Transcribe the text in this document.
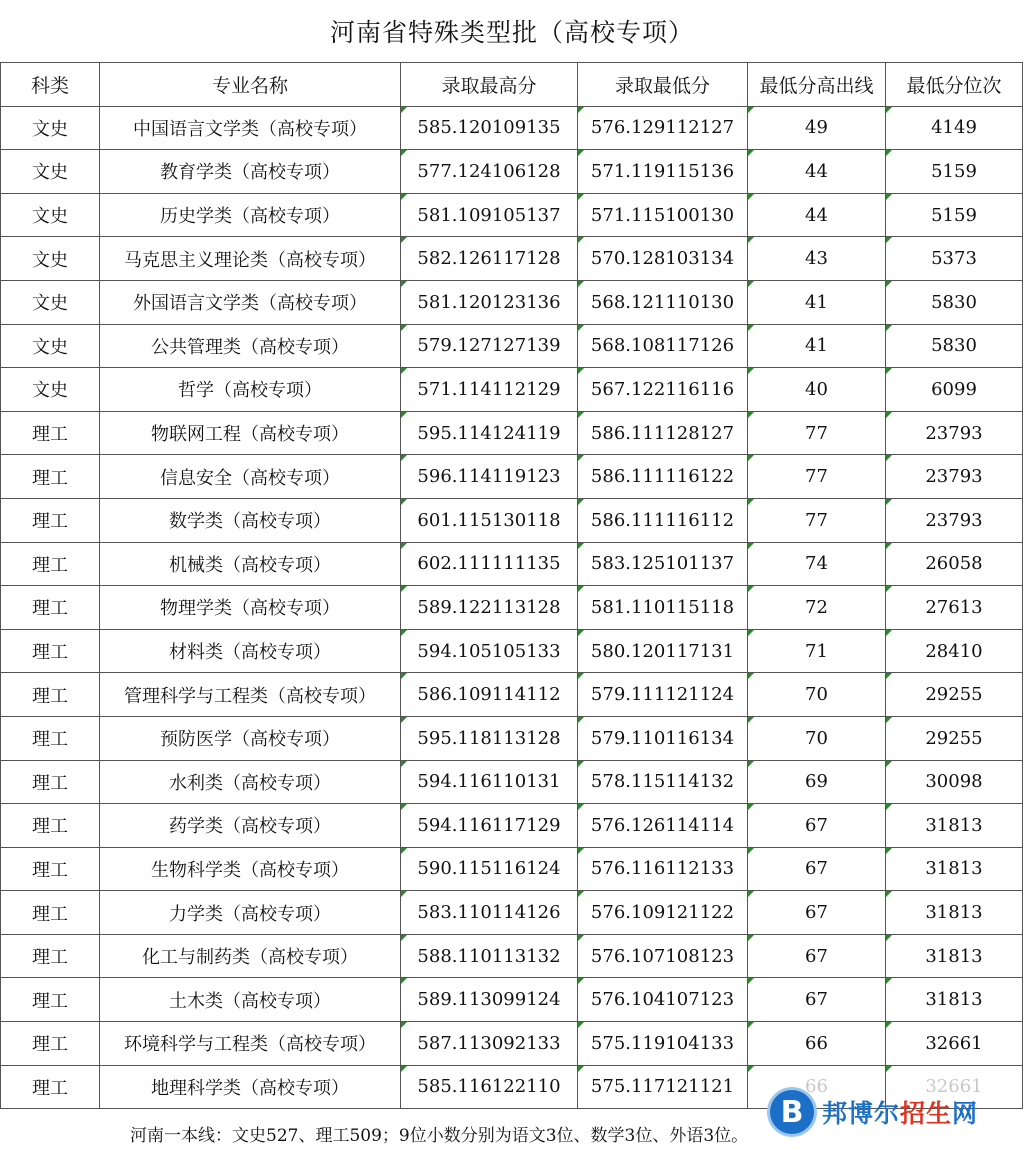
河南省特殊类型批（高校专项）
科类	专业名称	录取最高分	录取最低分	最低分高出线	最低分位次
文史	中国语言文学类（高校专项）	585.120109135	576.129112127	49	4149
文史	教育学类（高校专项）	577.124106128	571.119115136	44	5159
文史	历史学类（高校专项）	581.109105137	571.115100130	44	5159
文史	马克思主义理论类（高校专项）	582.126117128	570.128103134	43	5373
文史	外国语言文学类（高校专项）	581.120123136	568.121110130	41	5830
文史	公共管理类（高校专项）	579.127127139	568.108117126	41	5830
文史	哲学（高校专项）	571.114112129	567.122116116	40	6099
理工	物联网工程（高校专项）	595.114124119	586.111128127	77	23793
理工	信息安全（高校专项）	596.114119123	586.111116122	77	23793
理工	数学类（高校专项）	601.115130118	586.111116112	77	23793
理工	机械类（高校专项）	602.111111135	583.125101137	74	26058
理工	物理学类（高校专项）	589.122113128	581.110115118	72	27613
理工	材料类（高校专项）	594.105105133	580.120117131	71	28410
理工	管理科学与工程类（高校专项）	586.109114112	579.111121124	70	29255
理工	预防医学（高校专项）	595.118113128	579.110116134	70	29255
理工	水利类（高校专项）	594.116110131	578.115114132	69	30098
理工	药学类（高校专项）	594.116117129	576.126114114	67	31813
理工	生物科学类（高校专项）	590.115116124	576.116112133	67	31813
理工	力学类（高校专项）	583.110114126	576.109121122	67	31813
理工	化工与制药类（高校专项）	588.110113132	576.107108123	67	31813
理工	土木类（高校专项）	589.113099124	576.104107123	67	31813
理工	环境科学与工程类（高校专项）	587.113092133	575.119104133	66	32661
理工	地理科学类（高校专项）	585.116122110	575.117121121	66	32661
河南一本线：文史527、理工509；9位小数分别为语文3位、数学3位、外语3位。
B 邦博尔招生网
